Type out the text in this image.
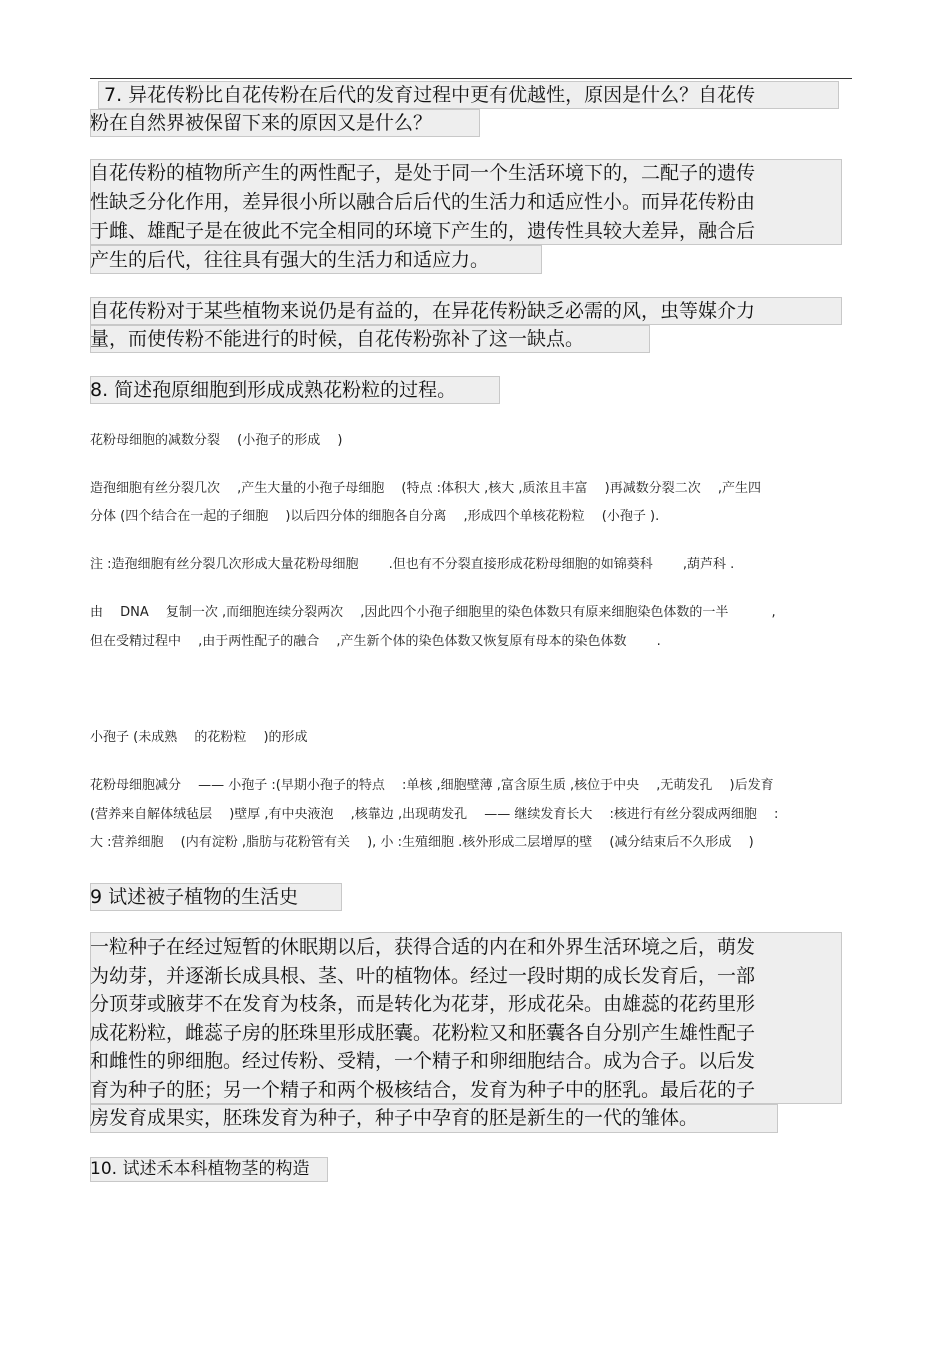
7. 异花传粉比自花传粉在后代的发育过程中更有优越性，原因是什么？自花传
粉在自然界被保留下来的原因又是什么？
自花传粉的植物所产生的两性配子，是处于同一个生活环境下的，二配子的遗传
性缺乏分化作用，差异很小所以融合后后代的生活力和适应性小。而异花传粉由
于雌、雄配子是在彼此不完全相同的环境下产生的，遗传性具较大差异，融合后
产生的后代，往往具有强大的生活力和适应力。
自花传粉对于某些植物来说仍是有益的，在异花传粉缺乏必需的风，虫等媒介力
量，而使传粉不能进行的时候，自花传粉弥补了这一缺点。
8. 简述孢原细胞到形成成熟花粉粒的过程。
花粉母细胞的减数分裂 　(小孢子的形成 　)
造孢细胞有丝分裂几次 　,产生大量的小孢子母细胞 　(特点 :体积大 ,核大 ,质浓且丰富 　)再减数分裂二次 　,产生四
分体 (四个结合在一起的子细胞 　)以后四分体的细胞各自分离 　,形成四个单核花粉粒 　(小孢子 ).
注 :造孢细胞有丝分裂几次形成大量花粉母细胞 　　.但也有不分裂直接形成花粉母细胞的如锦葵科 　　,葫芦科 .
由 　DNA 　复制一次 ,而细胞连续分裂两次 　,因此四个小孢子细胞里的染色体数只有原来细胞染色体数的一半 　　　,
但在受精过程中 　,由于两性配子的融合 　,产生新个体的染色体数又恢复原有母本的染色体数 　　.
小孢子 (未成熟 　的花粉粒 　)的形成
花粉母细胞减分 　—— 小孢子 :(早期小孢子的特点 　:单核 ,细胞壁薄 ,富含原生质 ,核位于中央 　,无萌发孔 　)后发育
(营养来自解体绒毡层 　)壁厚 ,有中央液泡 　,核靠边 ,出现萌发孔 　—— 继续发育长大 　:核进行有丝分裂成两细胞 　:
大 :营养细胞 　(内有淀粉 ,脂肪与花粉管有关 　), 小 :生殖细胞 .核外形成二层增厚的壁 　(减分结束后不久形成 　)
9 试述被子植物的生活史
一粒种子在经过短暂的休眠期以后，获得合适的内在和外界生活环境之后，萌发
为幼芽，并逐渐长成具根、茎、叶的植物体。经过一段时期的成长发育后，一部
分顶芽或腋芽不在发育为枝条，而是转化为花芽，形成花朵。由雄蕊的花药里形
成花粉粒，雌蕊子房的胚珠里形成胚囊。花粉粒又和胚囊各自分别产生雄性配子
和雌性的卵细胞。经过传粉、受精，一个精子和卵细胞结合。成为合子。以后发
育为种子的胚；另一个精子和两个极核结合，发育为种子中的胚乳。最后花的子
房发育成果实，胚珠发育为种子，种子中孕育的胚是新生的一代的雏体。
10. 试述禾本科植物茎的构造
